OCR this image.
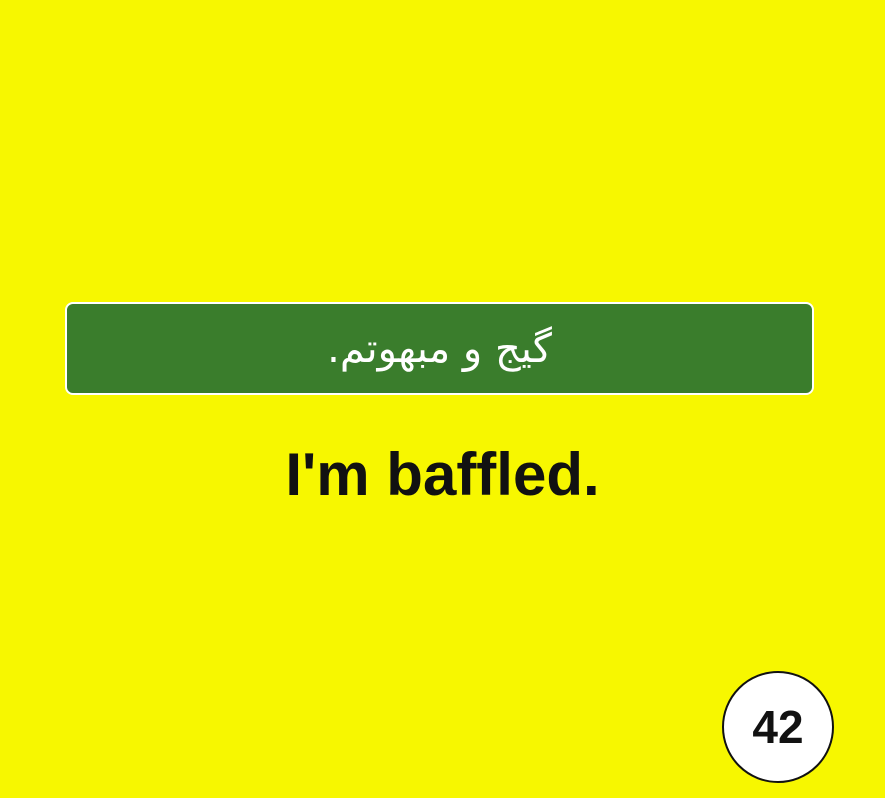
گیج و مبهوتم.
I'm baffled.
42
